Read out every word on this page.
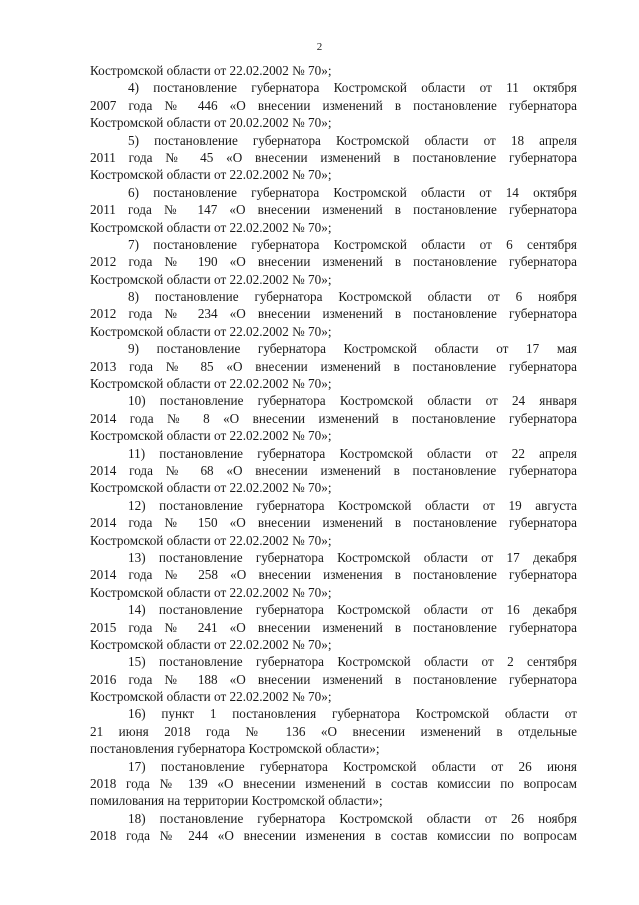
2
Костромской области от 22.02.2002 № 70»;
4) постановление губернатора Костромской области от 11 октября
2007 года № 446 «О внесении изменений в постановление губернатора
Костромской области от 20.02.2002 № 70»;
5) постановление губернатора Костромской области от 18 апреля
2011 года № 45 «О внесении изменений в постановление губернатора
Костромской области от 22.02.2002 № 70»;
6) постановление губернатора Костромской области от 14 октября
2011 года № 147 «О внесении изменений в постановление губернатора
Костромской области от 22.02.2002 № 70»;
7) постановление губернатора Костромской области от 6 сентября
2012 года № 190 «О внесении изменений в постановление губернатора
Костромской области от 22.02.2002 № 70»;
8) постановление губернатора Костромской области от 6 ноября
2012 года № 234 «О внесении изменений в постановление губернатора
Костромской области от 22.02.2002 № 70»;
9) постановление губернатора Костромской области от 17 мая
2013 года № 85 «О внесении изменений в постановление губернатора
Костромской области от 22.02.2002 № 70»;
10) постановление губернатора Костромской области от 24 января
2014 года № 8 «О внесении изменений в постановление губернатора
Костромской области от 22.02.2002 № 70»;
11) постановление губернатора Костромской области от 22 апреля
2014 года № 68 «О внесении изменений в постановление губернатора
Костромской области от 22.02.2002 № 70»;
12) постановление губернатора Костромской области от 19 августа
2014 года № 150 «О внесении изменений в постановление губернатора
Костромской области от 22.02.2002 № 70»;
13) постановление губернатора Костромской области от 17 декабря
2014 года № 258 «О внесении изменения в постановление губернатора
Костромской области от 22.02.2002 № 70»;
14) постановление губернатора Костромской области от 16 декабря
2015 года № 241 «О внесении изменений в постановление губернатора
Костромской области от 22.02.2002 № 70»;
15) постановление губернатора Костромской области от 2 сентября
2016 года № 188 «О внесении изменений в постановление губернатора
Костромской области от 22.02.2002 № 70»;
16) пункт 1 постановления губернатора Костромской области от
21 июня 2018 года № 136 «О внесении изменений в отдельные
постановления губернатора Костромской области»;
17) постановление губернатора Костромской области от 26 июня
2018 года № 139 «О внесении изменений в состав комиссии по вопросам
помилования на территории Костромской области»;
18) постановление губернатора Костромской области от 26 ноября
2018 года № 244 «О внесении изменения в состав комиссии по вопросам
